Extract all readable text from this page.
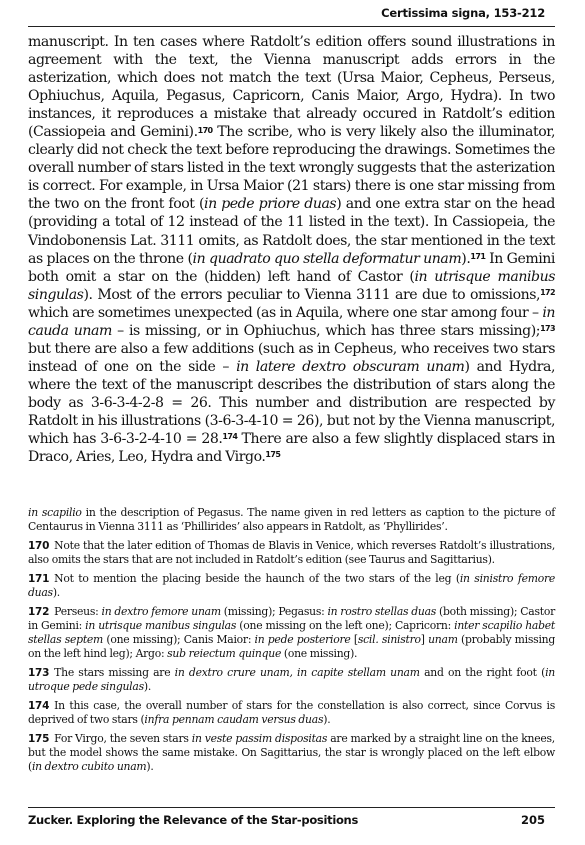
Certissima signa, 153-212

manuscript. In ten cases where Ratdolt’s edition offers sound illustrations in agreement with the text, the Vienna manuscript adds errors in the asterization, which does not match the text (Ursa Maior, Cepheus, Perseus, Ophiuchus, Aquila, Pegasus, Capricorn, Canis Maior, Argo, Hydra). In two instances, it reproduces a mistake that already occured in Ratdolt’s edition (Cassiopeia and Gemini).$^{170}$ The scribe, who is very likely also the illuminator, clearly did not check the text before reproducing the drawings. Sometimes the overall number of stars listed in the text wrongly suggests that the asterization is correct. For example, in Ursa Maior (21 stars) there is one star missing from the two on the front foot (in pede priore duas) and one extra star on the head (providing a total of 12 instead of the 11 listed in the text). In Cassiopeia, the Vindobonensis Lat. 3111 omits, as Ratdolt does, the star mentioned in the text as places on the throne (in quadrato quo stella deformatur unam).$^{171}$ In Gemini both omit a star on the (hidden) left hand of Castor (in utrisque manibus singulas). Most of the errors peculiar to Vienna 3111 are due to omissions,$^{172}$ which are sometimes unexpected (as in Aquila, where one star among four – in cauda unam – is missing, or in Ophiuchus, which has three stars missing);$^{173}$ but there are also a few additions (such as in Cepheus, who receives two stars instead of one on the side – in latere dextro obscuram unam) and Hydra, where the text of the manuscript describes the distribution of stars along the body as 3-6-3-4-2-8 = 26. This number and distribution are respected by Ratdolt in his illustrations (3-6-3-4-10 = 26), but not by the Vienna manuscript, which has 3-6-3-2-4-10 = 28.$^{174}$ There are also a few slightly displaced stars in Draco, Aries, Leo, Hydra and Virgo.$^{175}$

in scapilio in the description of Pegasus. The name given in red letters as caption to the picture of Centaurus in Vienna 3111 as ‘Phillirides’ also appears in Ratdolt, as ‘Phyllirides’.

170 Note that the later edition of Thomas de Blavis in Venice, which reverses Ratdolt’s illustrations, also omits the stars that are not included in Ratdolt’s edition (see Taurus and Sagittarius).

171 Not to mention the placing beside the haunch of the two stars of the leg (in sinistro femore duas).

172 Perseus: in dextro femore unam (missing); Pegasus: in rostro stellas duas (both missing); Castor in Gemini: in utrisque manibus singulas (one missing on the left one); Capricorn: inter scapilio habet stellas septem (one missing); Canis Maior: in pede posteriore [scil. sinistro] unam (probably missing on the left hind leg); Argo: sub reiectum quinque (one missing).

173 The stars missing are in dextro crure unam, in capite stellam unam and on the right foot (in utroque pede singulas).

174 In this case, the overall number of stars for the constellation is also correct, since Corvus is deprived of two stars (infra pennam caudam versus duas).

175 For Virgo, the seven stars in veste passim dispositas are marked by a straight line on the knees, but the model shows the same mistake. On Sagittarius, the star is wrongly placed on the left elbow (in dextro cubito unam).

Zucker. Exploring the Relevance of the Star-positions	205
